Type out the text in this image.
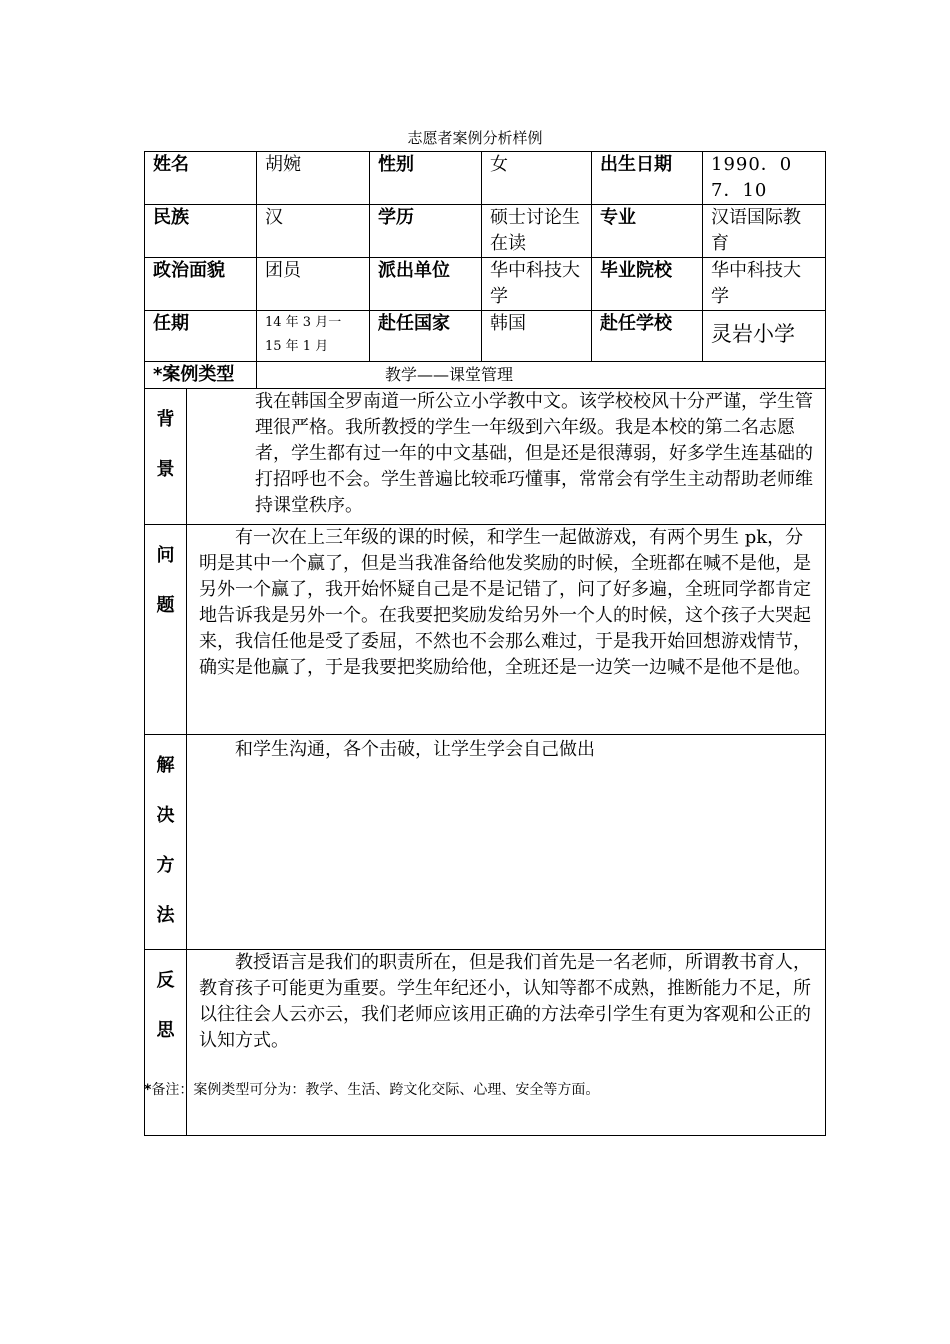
志愿者案例分析样例
姓名		胡婉	性别	女	出生日期	1990．07．10
民族		汉	学历	硕士讨论生在读	专业	汉语国际教育
政治面貌		团员	派出单位	华中科技大学	毕业院校	华中科技大学
任期		14 年 3 月一 15 年 1 月	赴任国家	韩国	赴任学校	灵岩小学
*案例类型		教学——课堂管理				

背
景	我在韩国全罗南道一所公立小学教中文。该学校校风十分严谨，学生管理很严格。我所教授的学生一年级到六年级。我是本校的第二名志愿者，学生都有过一年的中文基础，但是还是很薄弱，好多学生连基础的打招呼也不会。学生普遍比较乖巧懂事，常常会有学生主动帮助老师维持课堂秩序。					

问
题	有一次在上三年级的课的时候，和学生一起做游戏，有两个男生 pk，分明是其中一个赢了，但是当我准备给他发奖励的时候，全班都在喊不是他，是另外一个赢了，我开始怀疑自己是不是记错了，问了好多遍，全班同学都肯定地告诉我是另外一个。在我要把奖励发给另外一个人的时候，这个孩子大哭起来，我信任他是受了委屈，不然也不会那么难过，于是我开始回想游戏情节，确实是他赢了，于是我要把奖励给他，全班还是一边笑一边喊不是他不是他。					

解
决
方
法	和学生沟通，各个击破，让学生学会自己做出					

反
思	教授语言是我们的职责所在，但是我们首先是一名老师，所谓教书育人，教育孩子可能更为重要。学生年纪还小，认知等都不成熟，推断能力不足，所以往往会人云亦云，我们老师应该用正确的方法牵引学生有更为客观和公正的认知方式。					

*备注：案例类型可分为：教学、生活、跨文化交际、心理、安全等方面。
